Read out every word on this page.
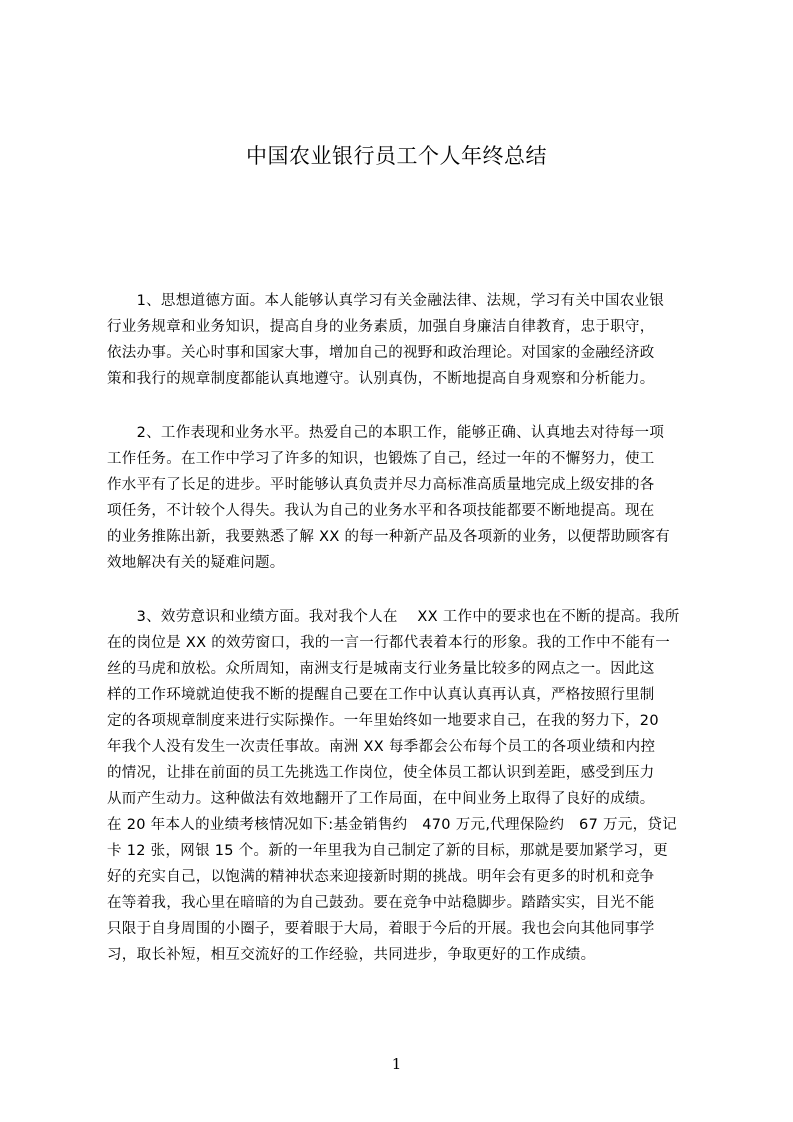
中国农业银行员工个人年终总结
　　1、思想道德方面。本人能够认真学习有关金融法律、法规，学习有关中国农业银
行业务规章和业务知识，提高自身的业务素质，加强自身廉洁自律教育，忠于职守，
依法办事。关心时事和国家大事，增加自己的视野和政治理论。对国家的金融经济政
策和我行的规章制度都能认真地遵守。认别真伪，不断地提高自身观察和分析能力。
　　2、工作表现和业务水平。热爱自己的本职工作，能够正确、认真地去对待每一项
工作任务。在工作中学习了许多的知识，也锻炼了自己，经过一年的不懈努力，使工
作水平有了长足的进步。平时能够认真负责并尽力高标准高质量地完成上级安排的各
项任务，不计较个人得失。我认为自己的业务水平和各项技能都要不断地提高。现在
的业务推陈出新，我要熟悉了解 XX 的每一种新产品及各项新的业务，以便帮助顾客有
效地解决有关的疑难问题。
　　3、效劳意识和业绩方面。我对我个人在　 XX 工作中的要求也在不断的提高。我所
在的岗位是 XX 的效劳窗口，我的一言一行都代表着本行的形象。我的工作中不能有一
丝的马虎和放松。众所周知，南洲支行是城南支行业务量比较多的网点之一。因此这
样的工作环境就迫使我不断的提醒自己要在工作中认真认真再认真，严格按照行里制
定的各项规章制度来进行实际操作。一年里始终如一地要求自己，在我的努力下，20
年我个人没有发生一次责任事故。南洲 XX 每季都会公布每个员工的各项业绩和内控
的情况，让排在前面的员工先挑选工作岗位，使全体员工都认识到差距，感受到压力
从而产生动力。这种做法有效地翻开了工作局面，在中间业务上取得了良好的成绩。
在 20 年本人的业绩考核情况如下:基金销售约　470 万元,代理保险约　67 万元，贷记
卡 12 张，网银 15 个。新的一年里我为自己制定了新的目标，那就是要加紧学习，更
好的充实自己，以饱满的精神状态来迎接新时期的挑战。明年会有更多的时机和竞争
在等着我，我心里在暗暗的为自己鼓劲。要在竞争中站稳脚步。踏踏实实，目光不能
只限于自身周围的小圈子，要着眼于大局，着眼于今后的开展。我也会向其他同事学
习，取长补短，相互交流好的工作经验，共同进步，争取更好的工作成绩。
1
